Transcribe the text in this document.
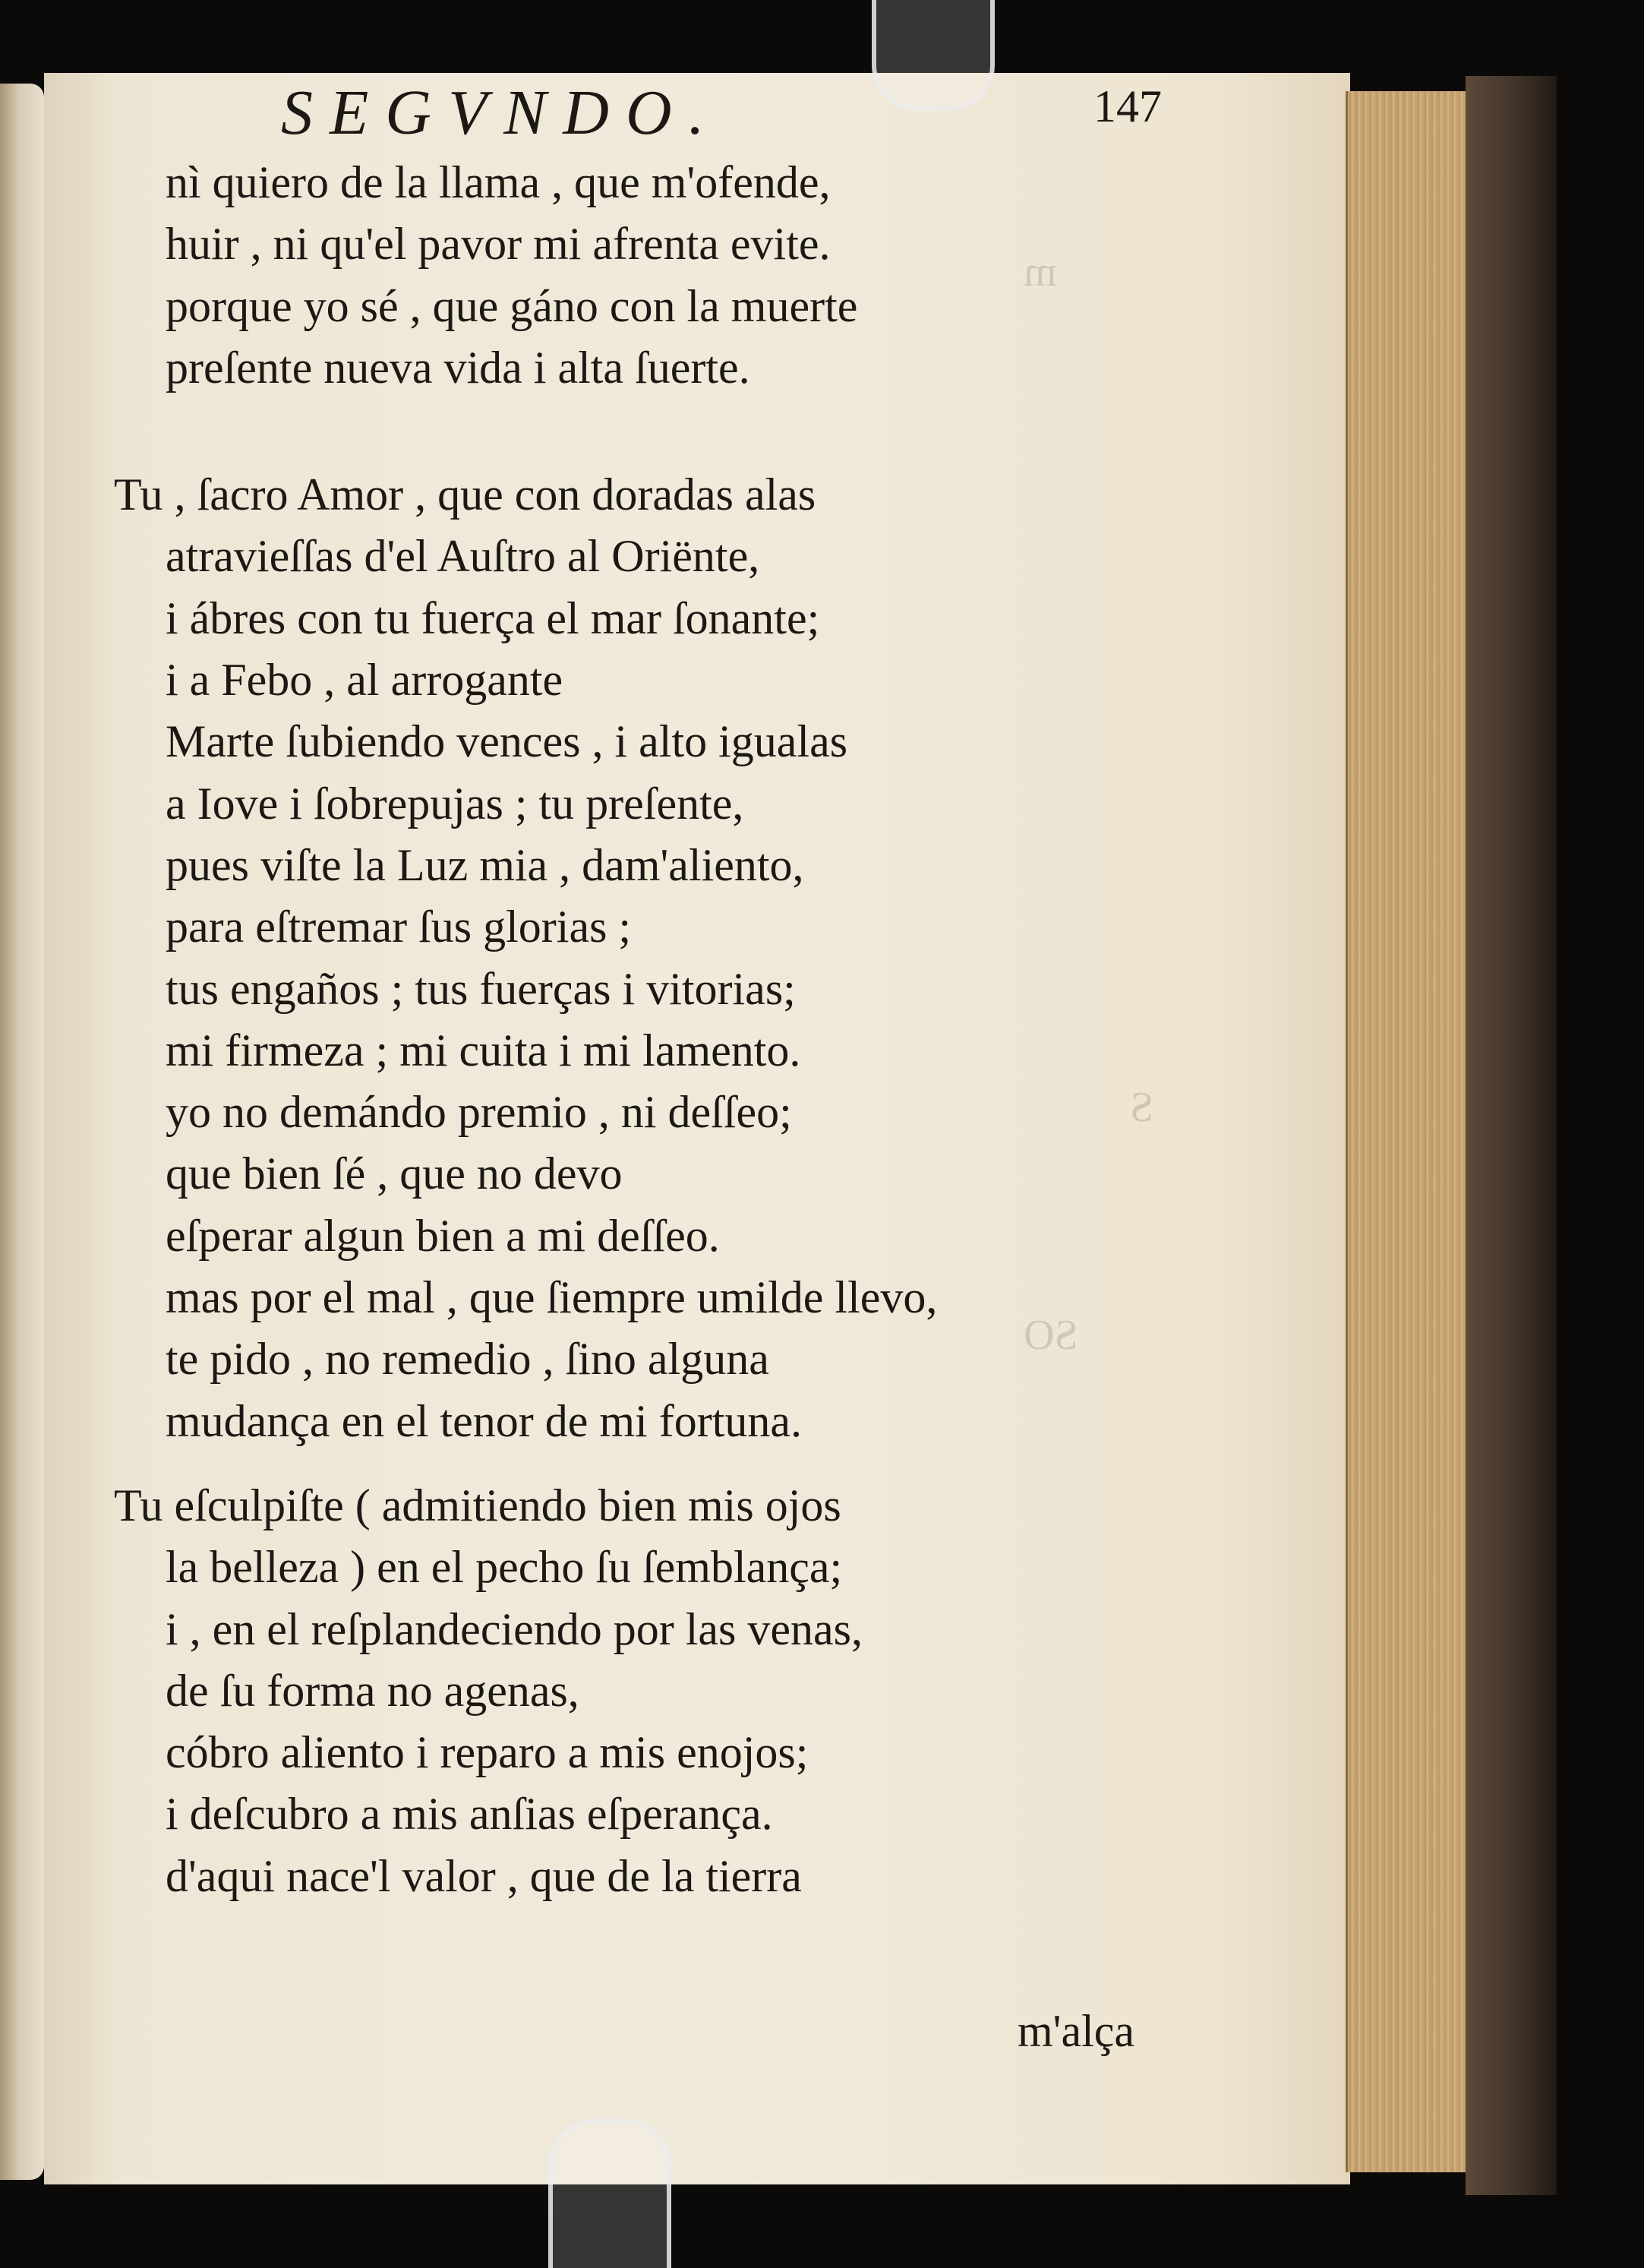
m
SO
S
SEGVNDO.	147
nì quiero de la llama , que m'ofende,
huir , ni qu'el pavor mi afrenta evite.
porque yo sé , que gáno con la muerte
preſente nueva vida i alta ſuerte.
Tu , ſacro Amor , que con doradas alas
atravieſſas d'el Auſtro al Oriënte,
i ábres con tu fuerça el mar ſonante;
i a Febo , al arrogante
Marte ſubiendo vences , i alto igualas
a Iove i ſobrepujas ; tu preſente,
pues viſte la Luz mia , dam'aliento,
para eſtremar ſus glorias ;
tus engaños ; tus fuerças i vitorias;
mi firmeza ; mi cuita i mi lamento.
yo no demándo premio , ni deſſeo;
que bien ſé , que no devo
eſperar algun bien a mi deſſeo.
mas por el mal , que ſiempre umilde llevo,
te pido , no remedio , ſino alguna
mudança en el tenor de mi fortuna.
Tu eſculpiſte ( admitiendo bien mis ojos
la belleza ) en el pecho ſu ſemblança;
i , en el reſplandeciendo por las venas,
de ſu forma no agenas,
cóbro aliento i reparo a mis enojos;
i deſcubro a mis anſias eſperança.
d'aqui nace'l valor , que de la tierra
m'alça
